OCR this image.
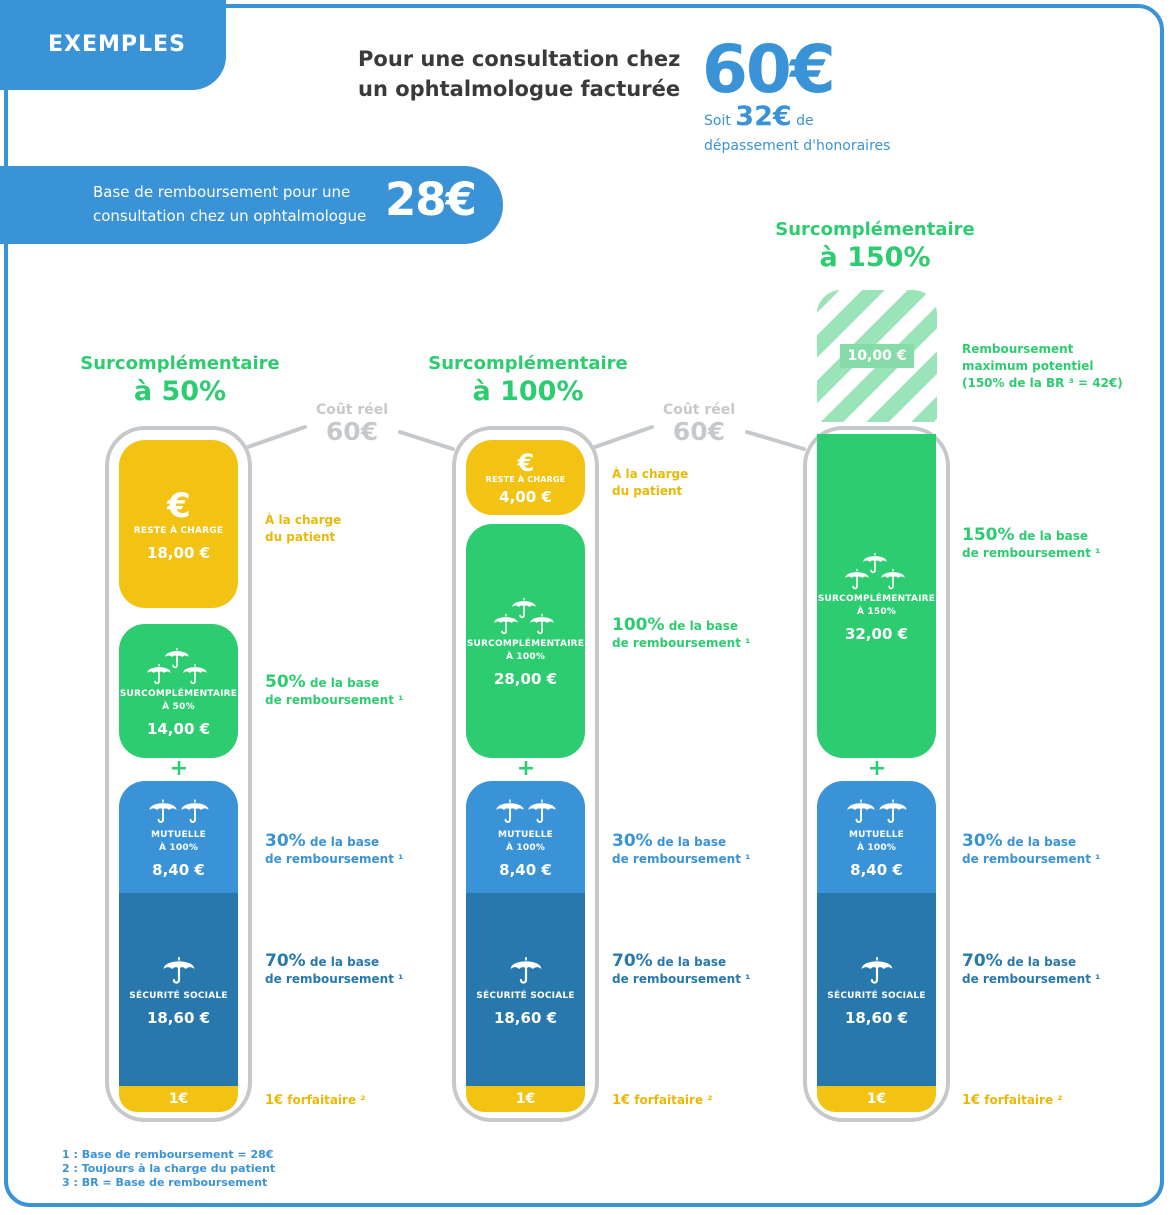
EXEMPLES
Pour une consultation chez
un ophtalmologue facturée 60€
Soit 32€ de
dépassement d'honoraires
Base de remboursement pour une
consultation chez un ophtalmologue 28€
Coût réel
60€
Coût réel
60€
Surcomplémentaire
à 50%
€
RESTE À CHARGE
18,00 €
SURCOMPLÉMENTAIRE
À 50%
14,00 €
+
MUTUELLE
À 100%
8,40 €
SÉCURITÉ SOCIALE
18,60 €
1€
À la charge
du patient
50% de la base
de remboursement ¹
30% de la base
de remboursement ¹
70% de la base
de remboursement ¹
1€ forfaitaire ²
Surcomplémentaire
à 100%
€
RESTE À CHARGE
4,00 €
SURCOMPLÉMENTAIRE
À 100%
28,00 €
+
MUTUELLE
À 100%
8,40 €
SÉCURITÉ SOCIALE
18,60 €
1€
À la charge
du patient
100% de la base
de remboursement ¹
30% de la base
de remboursement ¹
70% de la base
de remboursement ¹
1€ forfaitaire ²
Surcomplémentaire
à 150%
10,00 €	Remboursement
maximum potentiel
(150% de la BR ³ = 42€)
SURCOMPLÉMENTAIRE
À 150%
32,00 €
+
MUTUELLE
À 100%
8,40 €
SÉCURITÉ SOCIALE
18,60 €
1€
150% de la base
de remboursement ¹
30% de la base
de remboursement ¹
70% de la base
de remboursement ¹
1€ forfaitaire ²
1 : Base de remboursement = 28€
2 : Toujours à la charge du patient
3 : BR = Base de remboursement
